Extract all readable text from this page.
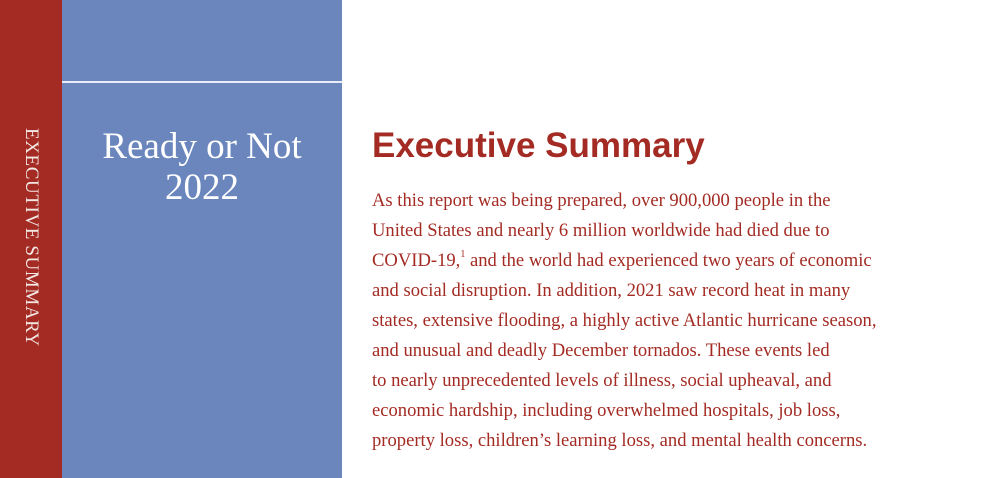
EXECUTIVE SUMMARY	Ready or Not
2022
Executive Summary

As this report was being prepared, over 900,000 people in the
United States and nearly 6 million worldwide had died due to
COVID-19,$^1$ and the world had experienced two years of economic
and social disruption. In addition, 2021 saw record heat in many
states, extensive flooding, a highly active Atlantic hurricane season,
and unusual and deadly December tornados. These events led
to nearly unprecedented levels of illness, social upheaval, and
economic hardship, including overwhelmed hospitals, job loss,
property loss, children’s learning loss, and mental health concerns.
